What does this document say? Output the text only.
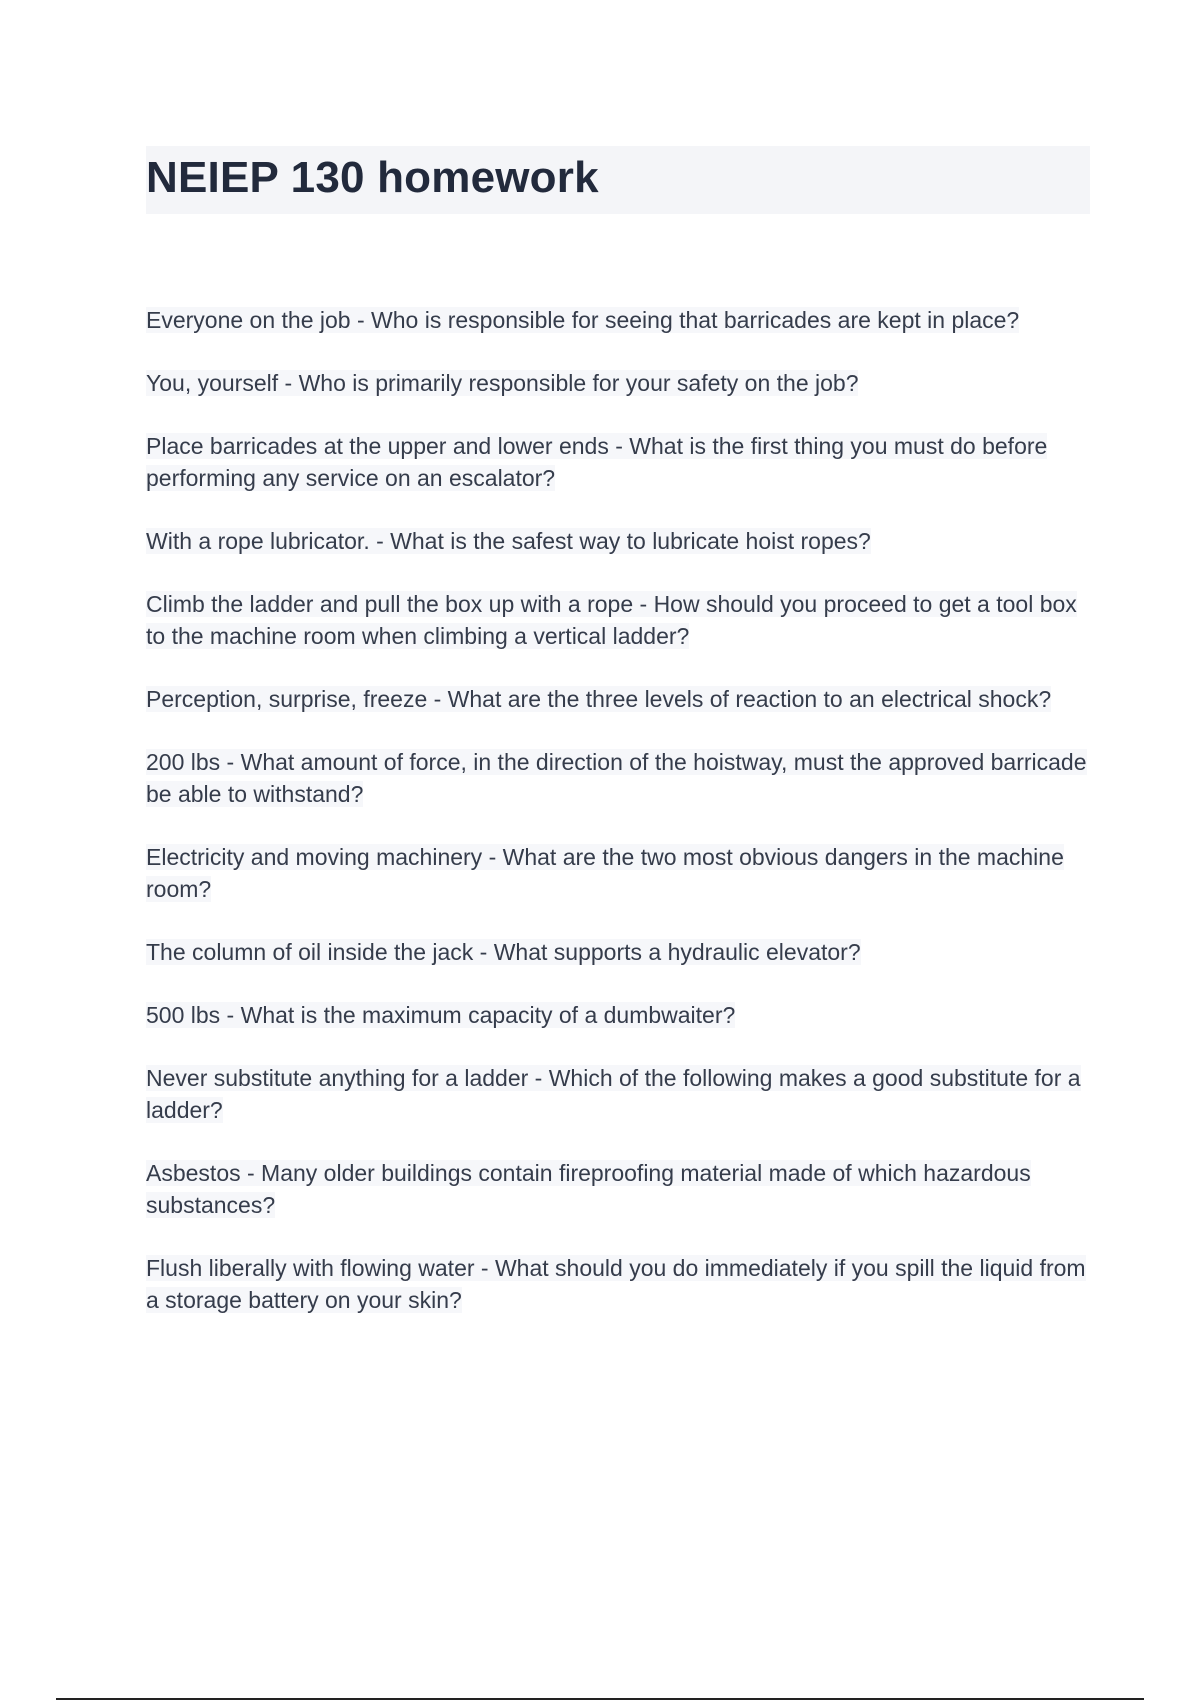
NEIEP 130 homework
Everyone on the job - Who is responsible for seeing that barricades are kept in place?
You, yourself - Who is primarily responsible for your safety on the job?
Place barricades at the upper and lower ends - What is the first thing you must do before performing any service on an escalator?
With a rope lubricator. - What is the safest way to lubricate hoist ropes?
Climb the ladder and pull the box up with a rope - How should you proceed to get a tool box to the machine room when climbing a vertical ladder?
Perception, surprise, freeze - What are the three levels of reaction to an electrical shock?
200 lbs - What amount of force, in the direction of the hoistway, must the approved barricade be able to withstand?
Electricity and moving machinery - What are the two most obvious dangers in the machine room?
The column of oil inside the jack - What supports a hydraulic elevator?
500 lbs - What is the maximum capacity of a dumbwaiter?
Never substitute anything for a ladder - Which of the following makes a good substitute for a ladder?
Asbestos - Many older buildings contain fireproofing material made of which hazardous substances?
Flush liberally with flowing water - What should you do immediately if you spill the liquid from a storage battery on your skin?
